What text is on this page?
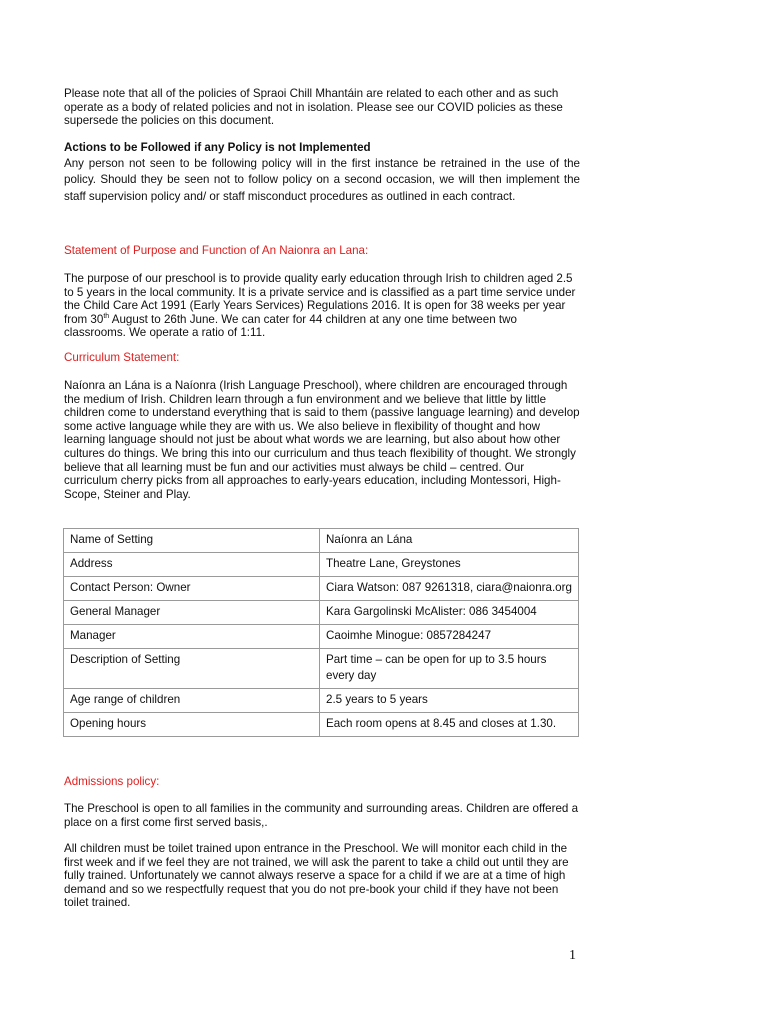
Please note that all of the policies of Spraoi Chill Mhantáin are related to each other and as such operate as a body of related policies and not in isolation. Please see our COVID policies as these supersede the policies on this document.

Actions to be Followed if any Policy is not Implemented

Any person not seen to be following policy will in the first instance be retrained in the use of the policy. Should they be seen not to follow policy on a second occasion, we will then implement the staff supervision policy and/ or staff misconduct procedures as outlined in each contract.

Statement of Purpose and Function of An Naionra an Lana:

The purpose of our preschool is to provide quality early education through Irish to children aged 2.5 to 5 years in the local community. It is a private service and is classified as a part time service under the Child Care Act 1991 (Early Years Services) Regulations 2016. It is open for 38 weeks per year from 30th August to 26th June. We can cater for 44 children at any one time between two classrooms. We operate a ratio of 1:11.

Curriculum Statement:

Naíonra an Lána is a Naíonra (Irish Language Preschool), where children are encouraged through the medium of Irish. Children learn through a fun environment and we believe that little by little children come to understand everything that is said to them (passive language learning) and develop some active language while they are with us. We also believe in flexibility of thought and how learning language should not just be about what words we are learning, but also about how other cultures do things. We bring this into our curriculum and thus teach flexibility of thought. We strongly believe that all learning must be fun and our activities must always be child – centred. Our curriculum cherry picks from all approaches to early-years education, including Montessori, High-Scope, Steiner and Play.

Name of Setting	Naíonra an Lána
Address	Theatre Lane, Greystones
Contact Person: Owner	Ciara Watson: 087 9261318, ciara@naionra.org
General Manager	Kara Gargolinski McAlister: 086 3454004
Manager	Caoimhe Minogue: 0857284247
Description of Setting	Part time – can be open for up to 3.5 hours every day
Age range of children	2.5 years to 5 years
Opening hours	Each room opens at 8.45 and closes at 1.30.
Admissions policy:

The Preschool is open to all families in the community and surrounding areas. Children are offered a place on a first come first served basis,.

All children must be toilet trained upon entrance in the Preschool. We will monitor each child in the first week and if we feel they are not trained, we will ask the parent to take a child out until they are fully trained. Unfortunately we cannot always reserve a space for a child if we are at a time of high demand and so we respectfully request that you do not pre-book your child if they have not been toilet trained.

1
